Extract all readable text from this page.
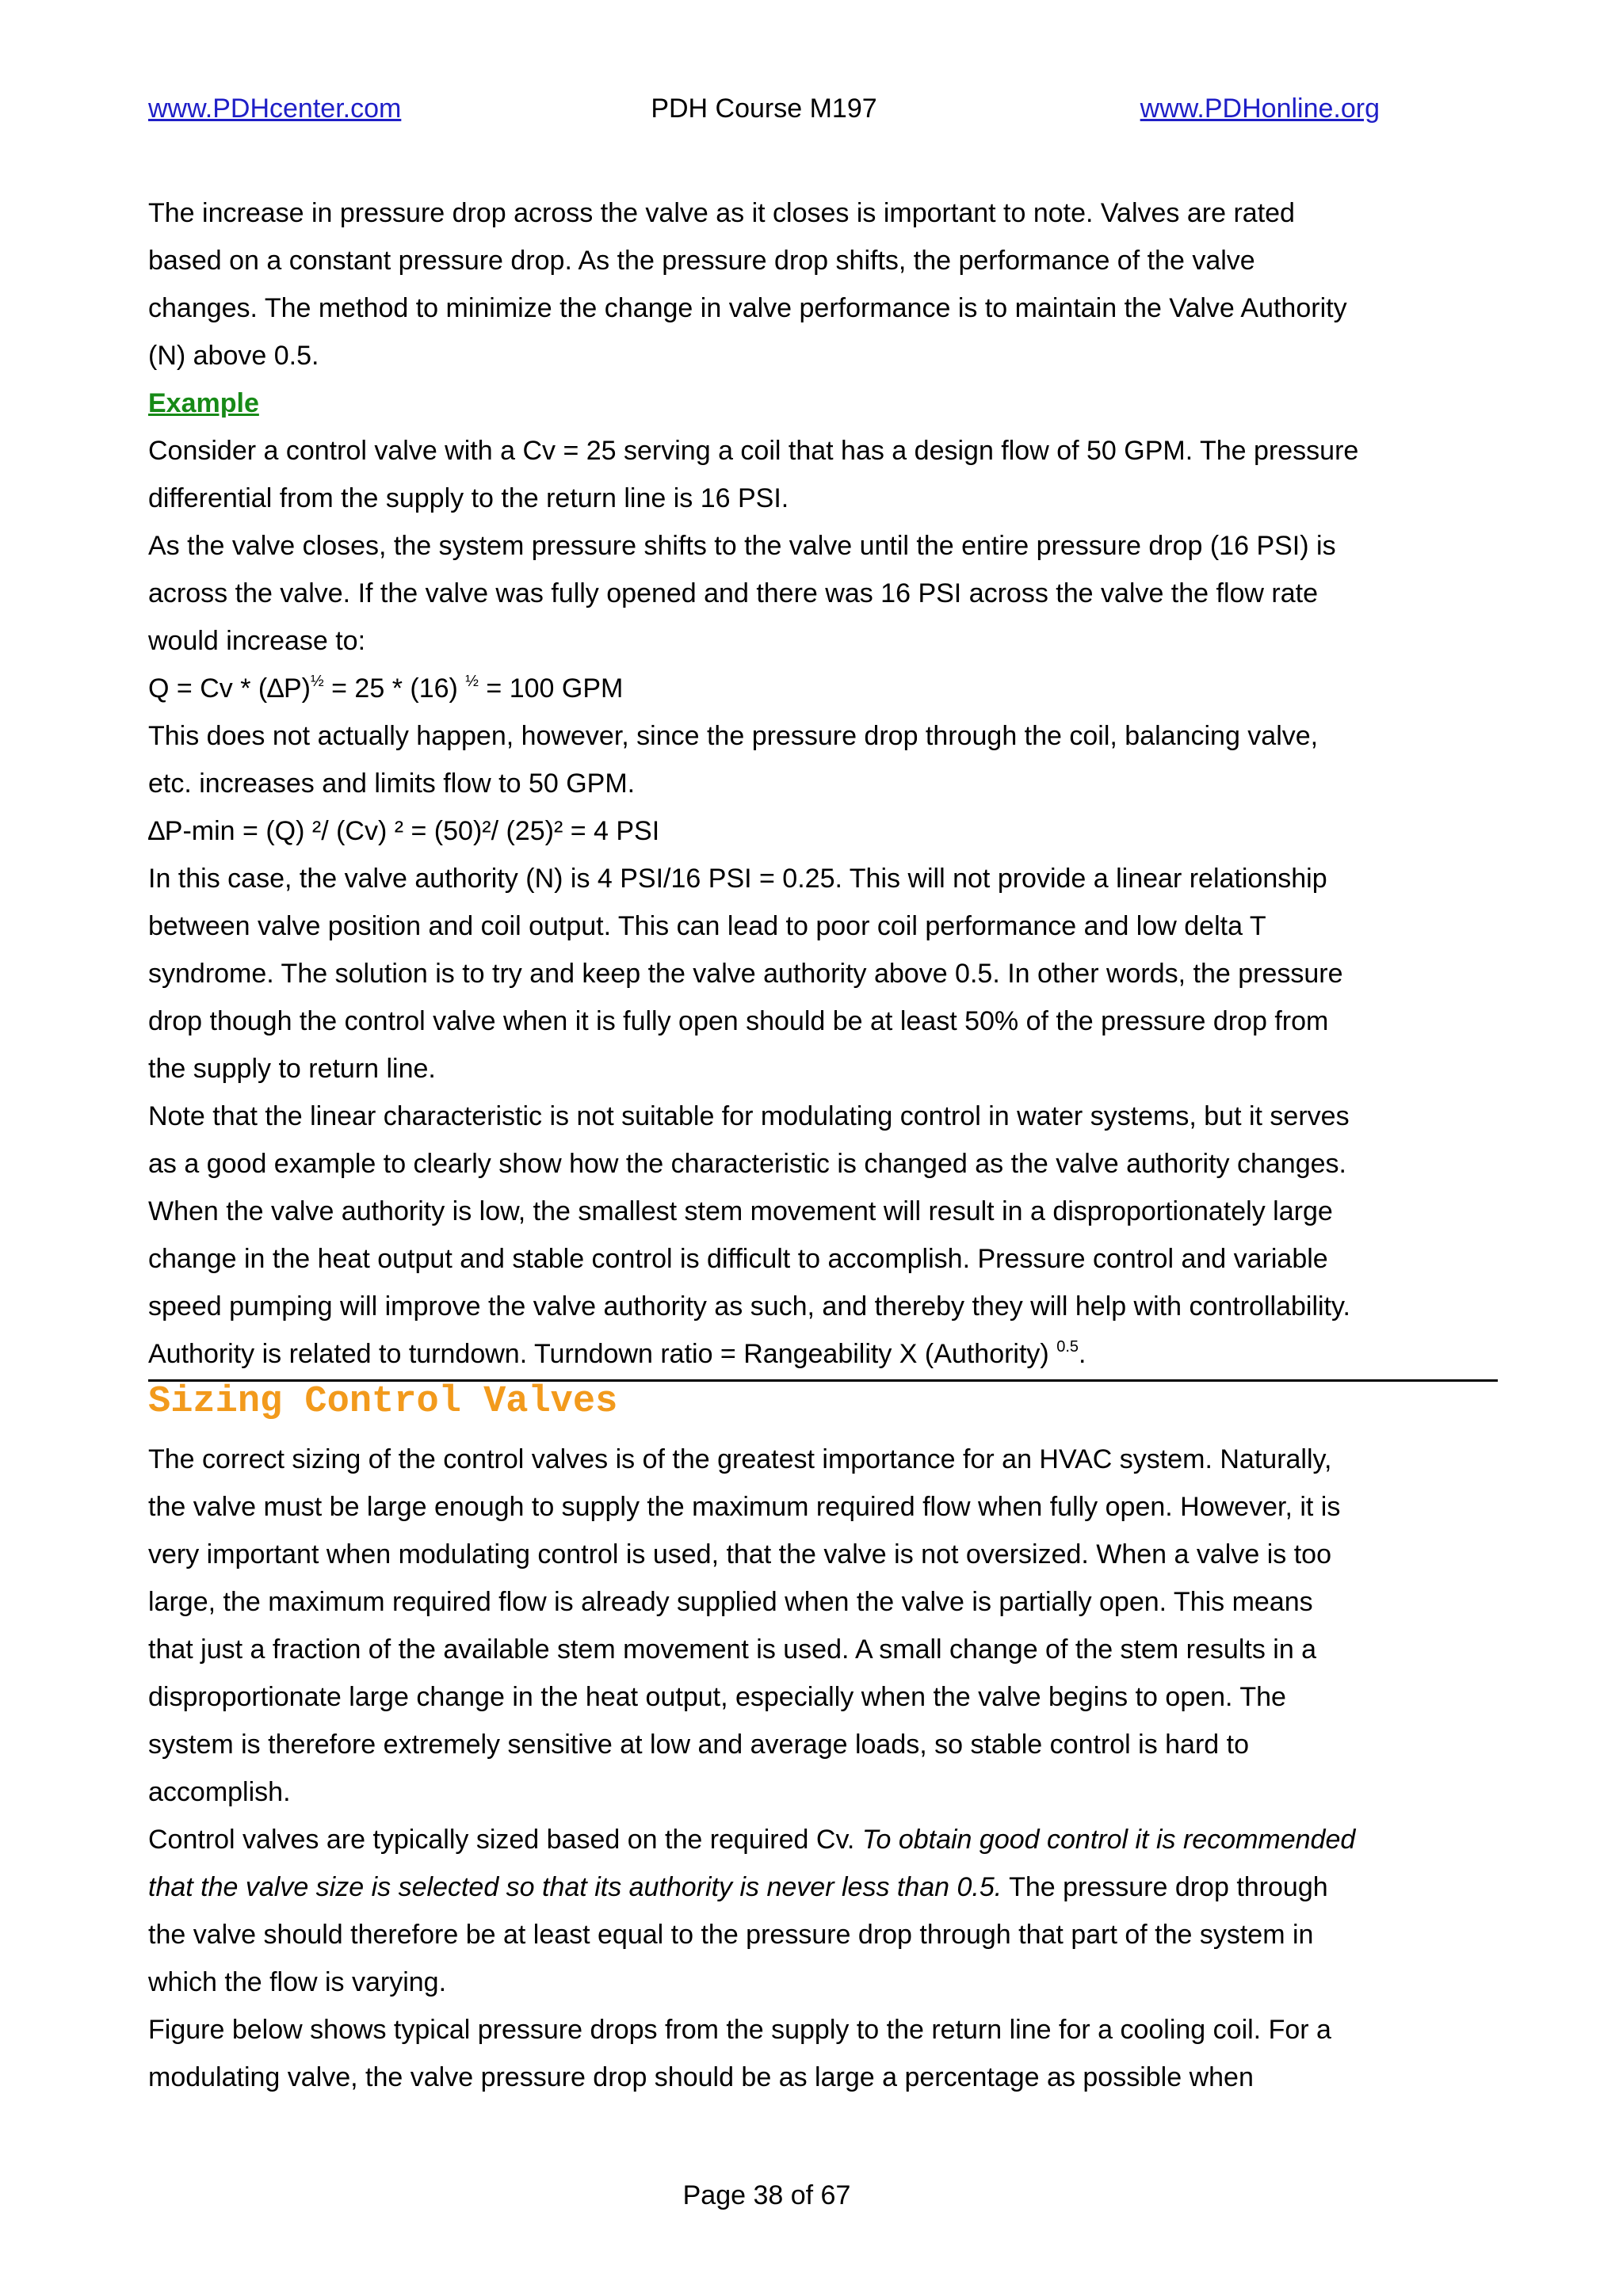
www.PDHcenter.com	PDH Course M197	www.PDHonline.org

The increase in pressure drop across the valve as it closes is important to note. Valves are rated

based on a constant pressure drop. As the pressure drop shifts, the performance of the valve

changes. The method to minimize the change in valve performance is to maintain the Valve Authority

(N) above 0.5.

Example

Consider a control valve with a Cv = 25 serving a coil that has a design flow of 50 GPM. The pressure

differential from the supply to the return line is 16 PSI.

As the valve closes, the system pressure shifts to the valve until the entire pressure drop (16 PSI) is

across the valve. If the valve was fully opened and there was 16 PSI across the valve the flow rate

would increase to:

$Q = Cv * (\Delta P)^{\frac{1}{2}} = 25 * (16) ^{\frac{1}{2}} = 100$ GPM

This does not actually happen, however, since the pressure drop through the coil, balancing valve,

etc. increases and limits flow to 50 GPM.

∆P-min = (Q) ²/ (Cv) ² = (50)²/ (25)² = 4 PSI

In this case, the valve authority (N) is 4 PSI/16 PSI = 0.25. This will not provide a linear relationship

between valve position and coil output. This can lead to poor coil performance and low delta T

syndrome. The solution is to try and keep the valve authority above 0.5. In other words, the pressure

drop though the control valve when it is fully open should be at least 50% of the pressure drop from

the supply to return line.

Note that the linear characteristic is not suitable for modulating control in water systems, but it serves

as a good example to clearly show how the characteristic is changed as the valve authority changes.

When the valve authority is low, the smallest stem movement will result in a disproportionately large

change in the heat output and stable control is difficult to accomplish. Pressure control and variable

speed pumping will improve the valve authority as such, and thereby they will help with controllability.

Authority is related to turndown. Turndown ratio = Rangeability X (Authority) $^{0.5}$.

Sizing Control Valves

The correct sizing of the control valves is of the greatest importance for an HVAC system. Naturally,

the valve must be large enough to supply the maximum required flow when fully open. However, it is

very important when modulating control is used, that the valve is not oversized. When a valve is too

large, the maximum required flow is already supplied when the valve is partially open. This means

that just a fraction of the available stem movement is used. A small change of the stem results in a

disproportionate large change in the heat output, especially when the valve begins to open. The

system is therefore extremely sensitive at low and average loads, so stable control is hard to

accomplish.

Control valves are typically sized based on the required Cv. To obtain good control it is recommended

that the valve size is selected so that its authority is never less than 0.5. The pressure drop through

the valve should therefore be at least equal to the pressure drop through that part of the system in

which the flow is varying.

Figure below shows typical pressure drops from the supply to the return line for a cooling coil. For a

modulating valve, the valve pressure drop should be as large a percentage as possible when

Page 38 of 67
